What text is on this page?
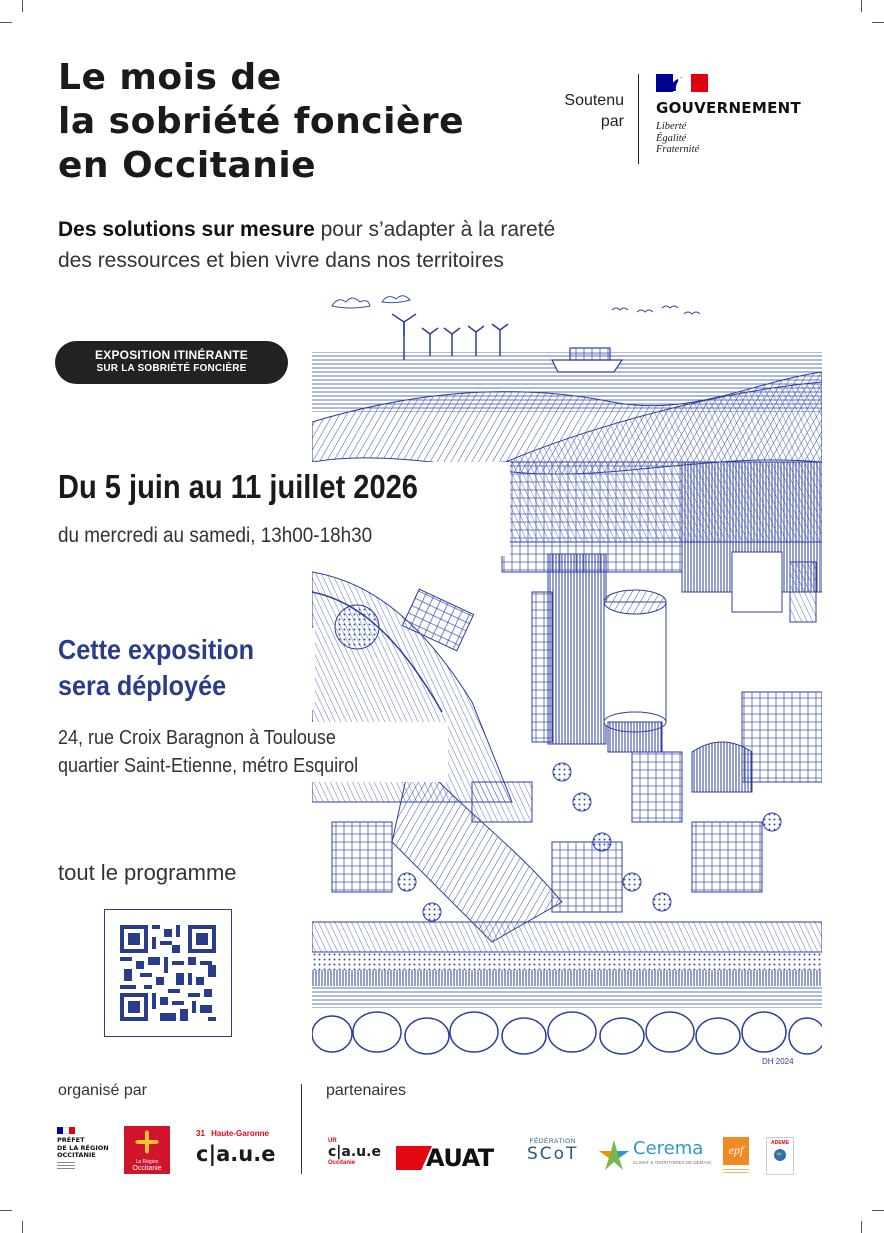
Le mois de
la sobriété foncière
en Occitanie
Soutenu
par
GOUVERNEMENT
Liberté
Égalité
Fraternité
Des solutions sur mesure pour s’adapter à la rareté
des ressources et bien vivre dans nos territoires
DH 2024
EXPOSITION ITINÉRANTE
SUR LA SOBRIÉTÉ FONCIÈRE
Du 5 juin au 11 juillet 2026
du mercredi au samedi, 13h00-18h30
Cette exposition
sera déployée
24, rue Croix Baragnon à Toulouse
quartier Saint-Etienne, métro Esquirol
tout le programme
organisé par	partenaires
PRÉFET
DE LA RÉGION
OCCITANIE
La Région
Occitanie
31 Haute-Garonne
c|a.u.e
UR
c|a.u.e
Occitanie	AUAT
FÉDÉRATION
SCoT	Cerema
CLIMAT & TERRITOIRES DE DEMAIN
epf	ADEME
